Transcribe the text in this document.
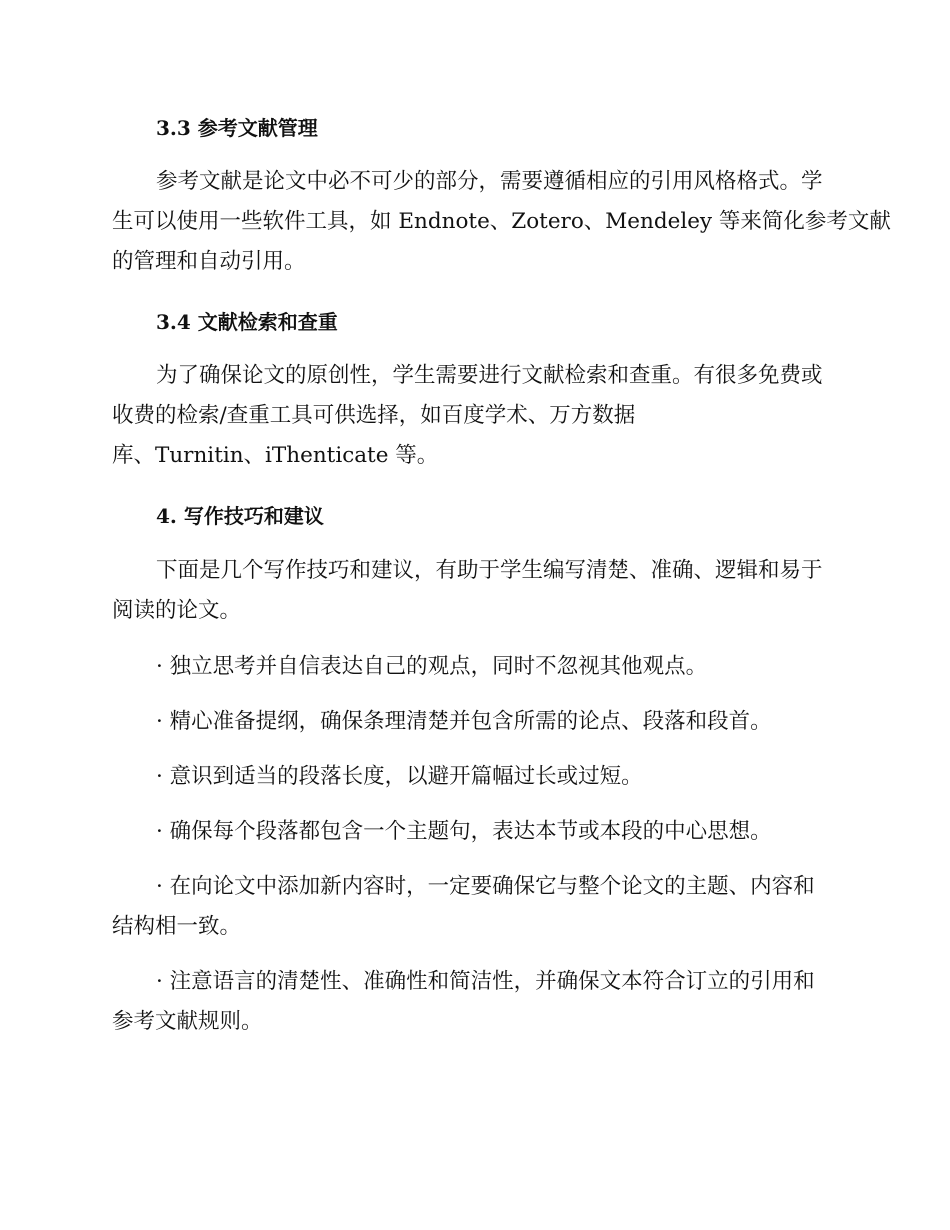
3.3 参考文献管理
参考文献是论文中必不可少的部分，需要遵循相应的引用风格格式。学
生可以使用一些软件工具，如 Endnote、Zotero、Mendeley 等来简化参考文献
的管理和自动引用。
3.4 文献检索和查重
为了确保论文的原创性，学生需要进行文献检索和查重。有很多免费或
收费的检索/查重工具可供选择，如百度学术、万方数据
库、Turnitin、iThenticate 等。
4. 写作技巧和建议
下面是几个写作技巧和建议，有助于学生编写清楚、准确、逻辑和易于
阅读的论文。
· 独立思考并自信表达自己的观点，同时不忽视其他观点。
· 精心准备提纲，确保条理清楚并包含所需的论点、段落和段首。
· 意识到适当的段落长度，以避开篇幅过长或过短。
· 确保每个段落都包含一个主题句，表达本节或本段的中心思想。
· 在向论文中添加新内容时，一定要确保它与整个论文的主题、内容和
结构相一致。
· 注意语言的清楚性、准确性和简洁性，并确保文本符合订立的引用和
参考文献规则。
